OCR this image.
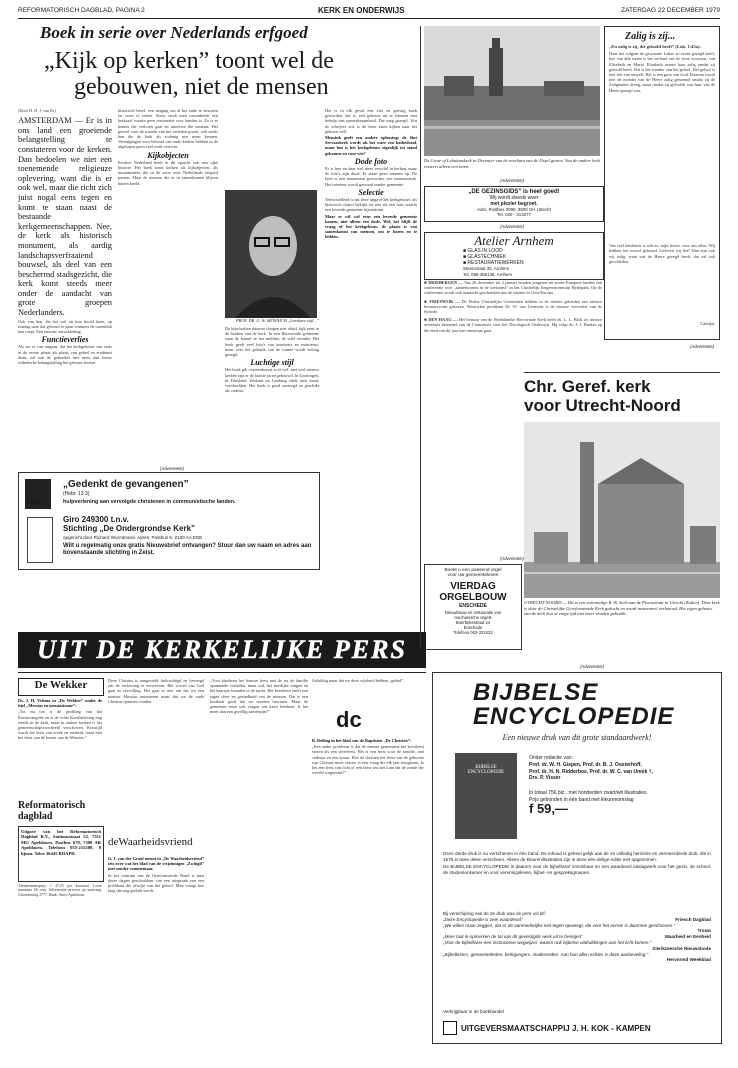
REFORMATORISCH DAGBLAD, PAGINA 2	KERK EN ONDERWIJS	ZATERDAG 22 DECEMBER 1979
Boek in serie over Nederlands erfgoed
„Kijk op kerken” toont wel de
gebouwen, niet de mensen

(Door H. H. J. van Es)

AMSTERDAM — Er is in ons land een groeiende belangstelling te constateren voor de kerken. Dan bedoelen we niet een toenemende religieuze oplevering, want die is er ook wel, maar die richt zich juist nogal eens tegen en komt te staan naast de bestaande kerkgemeenschappen. Nee, de kerk als historisch monument, als aardig landschapsverfraaiend bouwsel, als deel van een beschermd stadsgezicht, die kerk komt steeds meer onder de aandacht van grote groepen Nederlanders.

Ook van hen, die het wel uit hun hoofd laten, op zondag naar dat gebouw te gaan wanneer de torenklok hen roept. Een enorme ontwikkeling.

Functieverlies

Als we er van uitgaan, dat het kerkgebouw van ouds in de eerste plaats als plaats van gebed en eredienst dient, zal ook de gebruiker met meer dan louter esthetische belangstelling het gebouw bezien.

historisch besef, een neiging om al het oude te bewaren en voort te zetten. Soms vindt men tussenbeide een kerkzaal waarin geen restauratie voor handen is. Zo is er kennis die verloren gaat en interesse die ontstaat. Het gevoel voor de waarde van het verleden groeit, ook onder hen die de kerk als zodanig niet meer kennen. Verenigingen voor behoud van oude kerken hebben in de afgelopen jaren veel werk verricht.

Kijkobjecten

Eerdere Nederland heeft in dit opzicht ook een rijke historie. Het boek toont kerken als kijkobjecten, als monumenten die in de serie over Nederlands erfgoed passen. Maar de mensen die er in samenkomen blijven buiten beeld.

PROF. DR. G. W. MÖNNICH „Leesbare stijl...”

De bijschriften daarom slaagen niet altijd, kijk eens in de hoeken van de kerk. In een Hervormde gemeente staat de kansel in het midden, de tafel eronder. Het boek geeft veel foto's van interieurs en exterieurs, maar over het gebruik van de ruimte wordt weinig gezegd.

Luchtige stijl

Het boek pik overeenkomst is er wel: niet veel nieuwe kerken zijn er de laatste jaren gebouwd. In Groningen, in Friesland, Zeeland en Limburg vindt men fraaie voorbeelden. Het boek is goed verzorgd en geschikt als cadeau.

Het is in elk geval een vlot en geestig boek geworden, dat is, een gebouw uit te tekenen met behulp van opmerkzaamheid. Dat mag gezegd. Wat de schrijver wil, is de lezer laten kijken naar het gebouw zelf.

Mensink geeft een andere oplossing: de Sint Servaaskerk wordt als het ware een kathedraal, maar hoe is het kerkgebouw eigenlijk tot stand gekomen en voor wie?

Dode foto

Er is hier en daar wel meer verschil in kerken, maar de foto's zijn dood. Er staan geen mensen op. De kerk is een monument geworden, een museumstuk. Het interieur wordt getoond zonder gemeente.

Selectie

Teleurstellend is dat deze uitgave het kerkgebouw als historisch object bekijkt en niet als een huis waarin een levende gemeente bijeenkomt.

Maar er wil wel eens een levende gemeente komen, niet alleen een dode. Wel, het blijft de vraag of het kerkgebouw de plaats is van samenkomst van mensen, om te horen en te bidden.

De Grote of Lebuïnuskerk in Deventer van de overkant van de IJssel gezien. Van de andere kerk resteert alleen een toren.
(Advertentie)
„DE GEZINSGIDS” is heel goed!
Wij wordt steeds weer
met plezier begroet.
Adm. Postbus 2090, 3500 GH Utrecht
Tel. 030 - 313377
(Advertentie)
Atelier Arnhem
■ GLAS IN LOOD
■ GLASTECHNIEK
■ RESTAURATIEWERKEN
Steenstraat 30, Arnhem
Tel. 085-456136. Arnhem

■ DRIEBERGEN — Van 26 december tot 2 januari houden jongeren uit zeven Europese landen een conferentie over „samenwonen in de toekomst” in het Christelijk Jongerencentrum Hydepark. Op de conferentie wordt ook aandacht geschonken aan de situatie in Oost-Europa.

■ FRIESWIJK — De Duitse Christelijke Gemeenten hebben in de meeste gebieden een nieuwe bestuursvorm gekozen. Westrichte predikant Dr. W. van Leeuwen is de nieuwe voorzitter van de Synode.

■ DEN HAAG — Het bestuur van de Nederlandse Hervormde Kerk heeft ds. L. L. Blok tot nieuwe secretaris benoemd van de Commissie voor het Theologisch Onderwijs. Hij volgt ds. J. J. Buskes op die eind van dit jaar met emeritaat gaat.

(Advertentie)
Boekt u een passend orgel
voor uw gemeenteleven
VIERDAG
ORGELBOUW
ENSCHEDE
Nieuwbouw en restauratie van
mechanische orgels
Boerbekestraat 24
Enschede
Telefoon 053-322433
Zalig is zij...
„En zalig is zij, die geloofd heeft” (Luk. 1:45a).
Daar het volgens de gewoonte Lukas zo ervan gezegd heeft, hoe van alle tonen is het verhaal van de twee vrouwen, van Elisabeth en Maria. Elisabeth noemt haar zalig omdat zij geloofd heeft. Dat is het wonder van het geloof. Het geloof is niet iets van onszelf. Het is een gave van God. Daarom wordt niet de moeder van de Heere zalig genoemd omdat zij de Zaligmaker droeg, maar omdat zij geloofde wat haar van de Heere gezegd was.
Van veel betekenis is ook zo, mijn lezers, voor ons allen. Wij hebben het woord gehoord. Geloven wij het? Dan zijn ook wij zalig, want wat de Heere gezegd heeft, dat zal ook geschieden.
Calvijn.
(Advertentie)
Chr. Geref. kerk
voor Utrecht-Noord
UTRECHT-NOORD — Dit is een voormalige R.-K. kerk aan de Pioenstraat in Utrecht (Zuilen). Deze kerk is door de Christelijke Gereformeerde Kerk gekocht en wordt momenteel verbouwd. Het eigen gebouw van de kerk kon al enige tijd niet meer worden gebruikt.
(Advertentie)
„Gedenkt de gevangenen”
(Hebr. 13:3)
DOL:	hulpverlening aan vervolgde christenen in communistische landen.
Giro 249300 t.n.v.
Stichting „De Ondergrondse Kerk”
opgericht door Richard Wurmbrand. Adres: Postbus 5, 2100 AA EDE
Wilt u regelmatig onze gratis Nieuwsbrief ontvangen? Stuur dan uw naam en adres aan bovenstaande stichting in Zeist.
UIT DE KERKELIJKE PERS
De Wekker

Ds. J. H. Velema in „De Wekker” onder de titel „Messias en messiasissme”:

„Tot nu toe is de profiling van het Kerstevangelie en is de echte Kerstbeleving nog steeds in de kerk, maar in andere kerken is het gemeenschapsvoorbeeld verschoven. Kersttijd wordt het feest van vrede en eenheid, maar niet het feest van de komst van de Messias.”

Reformatorisch dagblad
Uitgave van het Reformatorisch Dagblad B.V., Stationsstraat 52, 7311 MG Apeldoorn. Postbus 670, 7300 AR Apeldoorn. Telefoon 055-215200, 8 lijnen. Telex 36445 RDAPD.
Abonnementsprijs: f 47,25 per kwartaal. Losse nummers 60 cent. Advertentie-tarieven op aanvraag. Girorekening 2777. Bank: Amro Apeldoorn.
Deze Christus is aangesteld, bekrachtigd en bevoegd om de verlossing te verwerven. Het woord van God gaat in vervulling. Het gaat er niet om dat we een nieuwe Messias ontmoeten maar dat we de oude Christus opnieuw vinden.
deWaarheidsvriend

Ir. J. van der Graaf noemt in „De Waarheidsvriend” iets over wat het blad van de vrijzinnigen „Zwingli” niet zonder commentaar.

In het centrum van de Gereformeerde Bond is men dezer dagen geschrokken van een uitspraak van een predikant die afwijkt van het geloof. Men vraagt hoe lang dat nog geduld wordt.

„Voor kinderen het bontste feest met de tot de familie spannende verhalen, maar ook het heerlijke zingen en het kaarsjes branden in de nacht. Het kerstfeest heeft een eigen sfeer en gezindheid van de mensen. Dat is een kostbaar goed dat we moeten bewaren. Maar de gemeente moet ook vragen wat kerst betekent. Is het meer dan een gezellig samenzijn?”
Gelukkig maar dat we deze wijsheid hebben „gehad”.
dc

B. Reiling in het blad van de Baptisten „De Christen”:

„Een ander probleem is dat de meeste gemeenten het kerstfeest vieren als een sfeerfeest. Het is een feest voor de familie, met cadeaus en een boom. Hoe de christen het feest van de geboorte van Christus moet vieren, is een vraag die elk jaar terugkomt. Is het een feest van licht of een feest van het Lam dat de zonde der wereld wegneemt?”

(Advertentie)
BIJBELSE
ENCYCLOPEDIE
Een nieuwe druk van dit grote standaardwerk!
BIJBELSE ENCYCLOPEDIE
Onder redactie van:
Prof. dr. W. H. Gispen, Prof. dr. B. J. Oosterhoff,
Prof. dr. H. N. Ridderbos, Prof. dr. W. C. van Unnik †,
Drs. P. Visser
In totaal 756 blz., met honderden zwart/wit illustraties.
Prijs gebonden in één band met kleurenomslag
f 59,—

Deze derde druk is nu verschenen in één band. De inhoud is geheel gelijk aan de 2e volledig herziene en vermeerderde druk, die in 1975 in twee delen verscheen. Alleen de kleurenillustraties zijn in deze één-delige editie niet opgenomen.

De BIJBELSE ENCYCLOPEDIE is daarom voor de bijbellezer onmisbaar en een waardevol naslagwerk voor het gezin, de school, de studentenkamer en voor vereningsleven, bijbel- en gespreksgroepen.

Bij verschijning van de 2e druk was de pers vol lof:
„Deze Encyclopedie is zeer waardevol”	Friesch Dagblad
„We willen maar zeggen, dat er de aanmerkelijke niet tegen opweegt, die voor het eerste is daarmee geschreven.”
Trouw
„Meer laat ik opmerken de tal van dit gevestigde werk uit te brengen”	Waarheid en Eenheid
„Voor de bijbellezer een instructieve wegwijzer, waarin ook bijbelse uitdrukkingen aan het licht komen.”
Zierikzeesche Nieuwsbode
„Bijbellezers, gemeenteleden, kerkgangers, studerenden. Aan hun allen echtes is deze aanbeveling.”
Hervormd Weekblad
Verkrijgbaar in de boekhandel
UITGEVERSMAATSCHAPPIJ J. H. KOK - KAMPEN
